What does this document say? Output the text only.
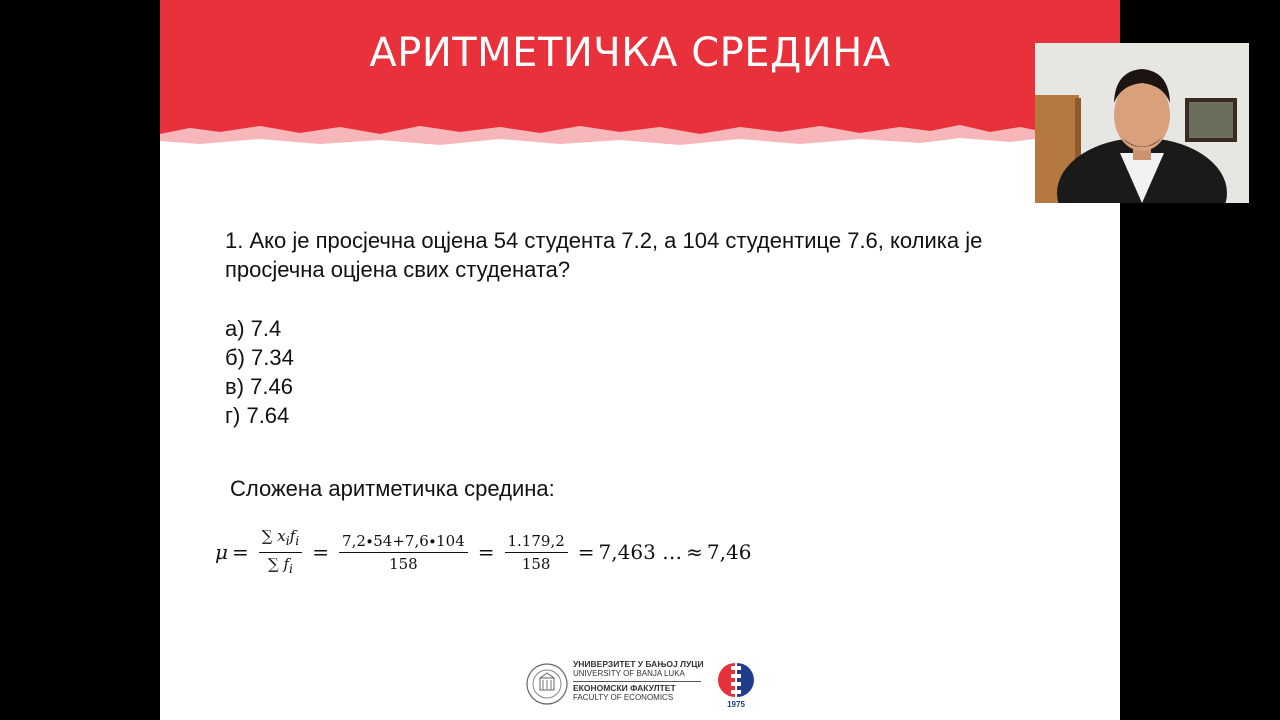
АРИТМЕТИЧКА СРЕДИНА
1. Ако је просјечна оцјена 54 студента 7.2, а 104 студентице 7.6, колика је просјечна оцјена свих студената?
а) 7.4
б) 7.34
в) 7.46
г) 7.64
Сложена аритметичка средина:
$\mu = \frac{\sum x_if_i}{\sum f_i} = \frac{7,2\cdot 54+7,6\cdot 104}{158} = \frac{1.179,2}{158} = 7,463$ … ≈ 7,46
УНИВЕРЗИТЕТ У БАЊОЈ ЛУЦИ
UNIVERSITY OF BANJA LUKA
ЕКОНОМСКИ ФАКУЛТЕТ
FACULTY OF ECONOMICS
1975
